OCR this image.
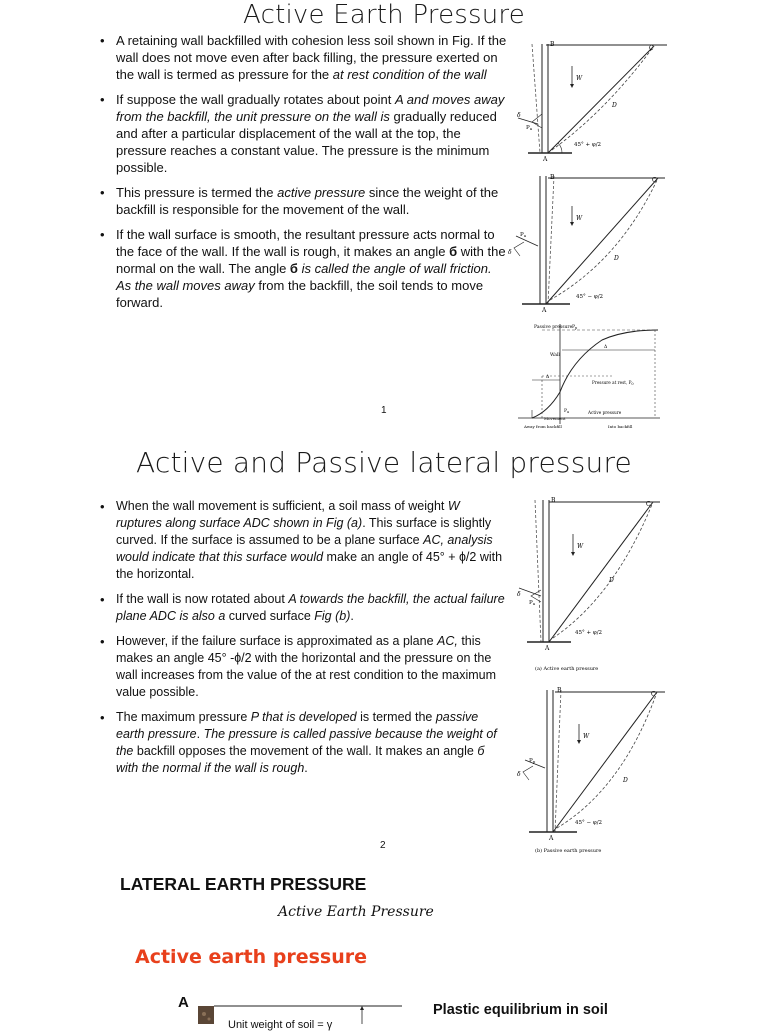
Active Earth Pressure
• A retaining wall backfilled with cohesion less soil shown in Fig. If the wall does not move even after back filling, the pressure exerted on the wall is termed as pressure for the at rest condition of the wall
• If suppose the wall gradually rotates about point A and moves away from the backfill, the unit pressure on the wall is gradually reduced and after a particular displacement of the wall at the top, the pressure reaches a constant value. The pressure is the minimum possible.
• This pressure is termed the active pressure since the weight of the backfill is responsible for the movement of the wall.
• If the wall surface is smooth, the resultant pressure acts normal to the face of the wall. If the wall is rough, it makes an angle б with the normal on the wall. The angle б is called the angle of wall friction. As the wall moves away from the backfill, the soil tends to move forward.
B
C
W
D
A
δ
Pa
45° + φ/2
B	C
W
D
A
δ
Pa
45° − φ/2
Passive pressure $P_p$
Wall
Pressure at rest, $P_0$
$P_a$	Active pressure
Movement
Away from backfill	Into backfill
Δ
Δ
1
Active and Passive lateral pressure
• When the wall movement is sufficient, a soil mass of weight W ruptures along surface ADC shown in Fig (a). This surface is slightly curved. If the surface is assumed to be a plane surface AC, analysis would indicate that this surface would make an angle of 45° + ɸ/2 with the horizontal.
• If the wall is now rotated about A towards the backfill, the actual failure plane ADC is also a curved surface Fig (b).
• However, if the failure surface is approximated as a plane AC, this makes an angle 45° -ɸ/2 with the horizontal and the pressure on the wall increases from the value of the at rest condition to the maximum value possible.
• The maximum pressure P that is developed is termed the passive earth pressure. The pressure is called passive because the weight of the backfill opposes the movement of the wall. It makes an angle б with the normal if the wall is rough.
B
C
W
D
A
δ
Pa
45° + φ/2
(a) Active earth pressure
B
C
W
D
A
δ
Pp
45° − φ/2
(b) Passive earth pressure
2
LATERAL EARTH PRESSURE
Active Earth Pressure
Active earth pressure
A
Unit weight of soil = γ
Plastic equilibrium in soil
